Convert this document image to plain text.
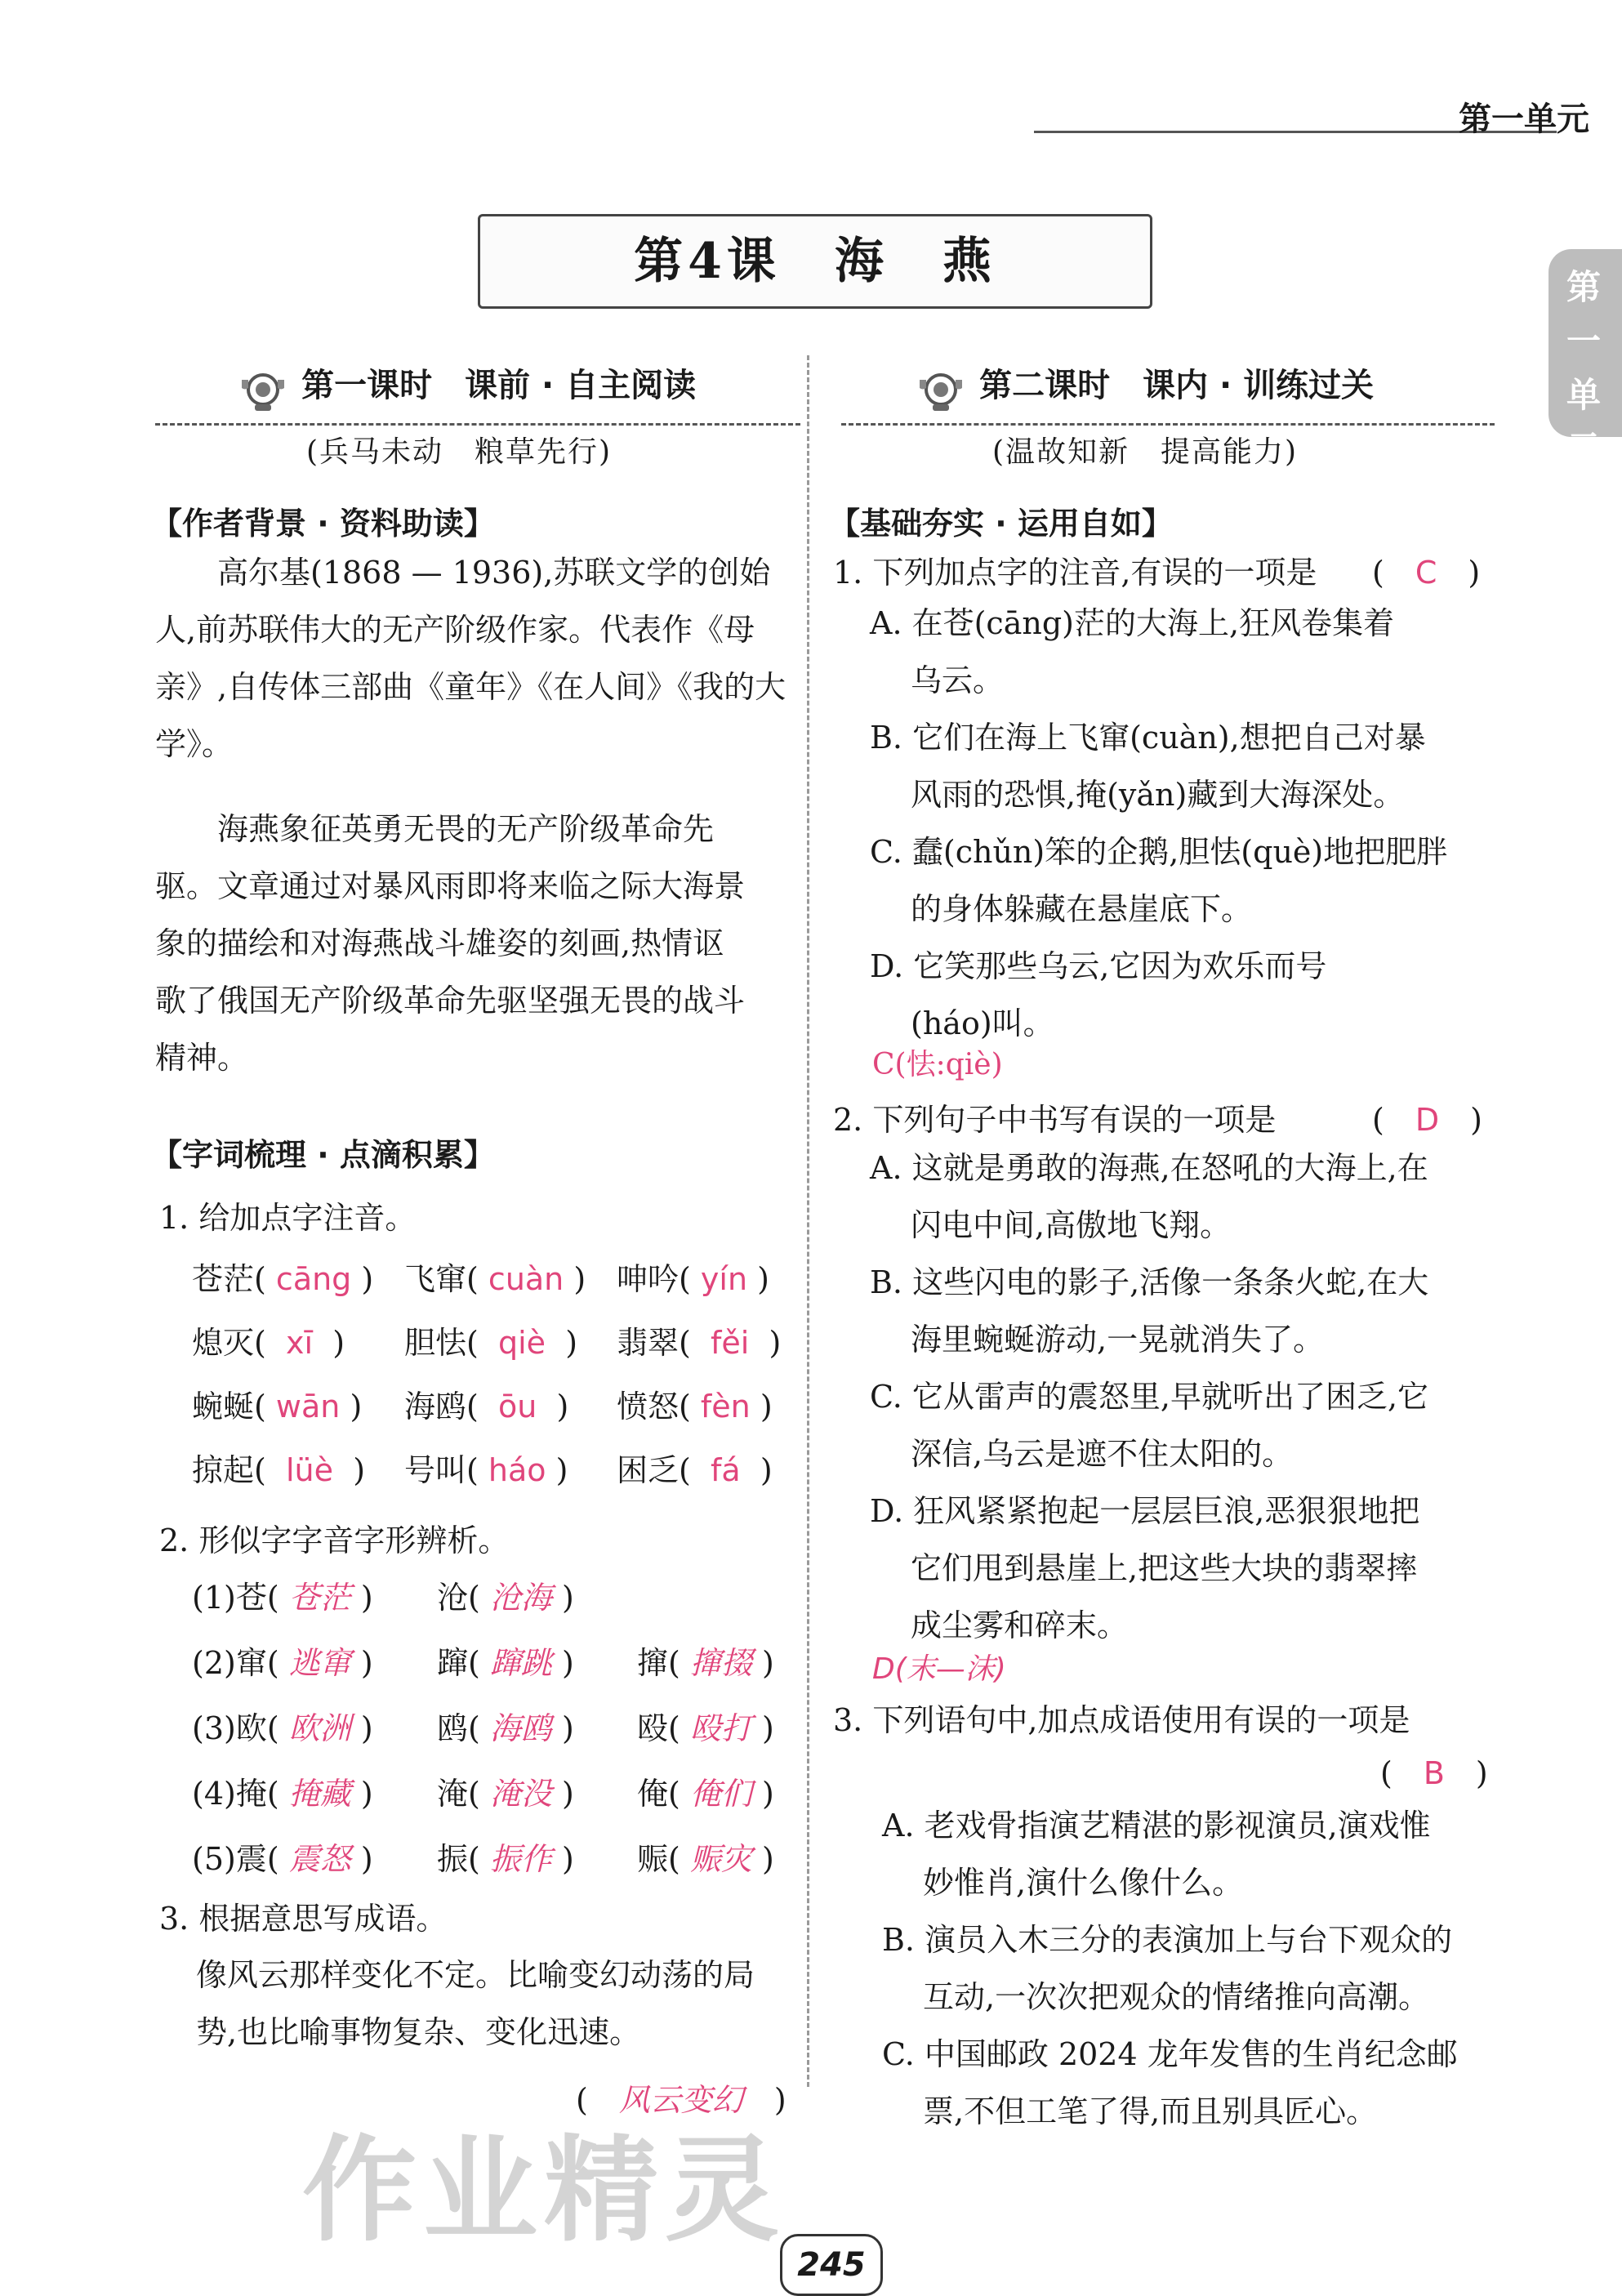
第一单元
第一单元
第4课　海　燕
第一课时　课前 · 自主阅读
(兵马未动　粮草先行)
【作者背景 · 资料助读】
高尔基(1868 — 1936),苏联文学的创始
人,前苏联伟大的无产阶级作家。代表作《母
亲》,自传体三部曲《童年》《在人间》《我的大
学》。
海燕象征英勇无畏的无产阶级革命先
驱。文章通过对暴风雨即将来临之际大海景
象的描绘和对海燕战斗雄姿的刻画,热情讴
歌了俄国无产阶级革命先驱坚强无畏的战斗
精神。
【字词梳理 · 点滴积累】
1. 给加点字注音。
苍茫( cāng ) 飞窜( cuàn ) 呻吟( yín )
熄灭(  xī  ) 胆怯(  qiè  ) 翡翠(  fěi  )
蜿蜒( wān ) 海鸥(  ōu  ) 愤怒( fèn )
掠起(  lüè  ) 号叫( háo ) 困乏(  fá  )
2. 形似字字音字形辨析。
(1)苍( 苍茫 ) 沧( 沧海 )
(2)窜( 逃窜 ) 蹿( 蹿跳 ) 撺( 撺掇 )
(3)欧( 欧洲 ) 鸥( 海鸥 ) 殴( 殴打 )
(4)掩( 掩藏 ) 淹( 淹没 ) 俺( 俺们 )
(5)震( 震怒 ) 振( 振作 ) 赈( 赈灾 )
3. 根据意思写成语。
像风云那样变化不定。比喻变幻动荡的局
势,也比喻事物复杂、变化迅速。
(　风云变幻　)
第二课时　课内 · 训练过关
(温故知新　提高能力)
【基础夯实 · 运用自如】
1. 下列加点字的注音,有误的一项是 (　C　)
A. 在苍(cāng)茫的大海上,狂风卷集着
乌云。
B. 它们在海上飞窜(cuàn),想把自己对暴
风雨的恐惧,掩(yǎn)藏到大海深处。
C. 蠢(chǔn)笨的企鹅,胆怯(què)地把肥胖
的身体躲藏在悬崖底下。
D. 它笑那些乌云,它因为欢乐而号
(háo)叫。
C(怯:qiè)
2. 下列句子中书写有误的一项是	(　D　)
A. 这就是勇敢的海燕,在怒吼的大海上,在
闪电中间,高傲地飞翔。
B. 这些闪电的影子,活像一条条火蛇,在大
海里蜿蜒游动,一晃就消失了。
C. 它从雷声的震怒里,早就听出了困乏,它
深信,乌云是遮不住太阳的。
D. 狂风紧紧抱起一层层巨浪,恶狠狠地把
它们甩到悬崖上,把这些大块的翡翠摔
成尘雾和碎末。
D(末—沫)
3. 下列语句中,加点成语使用有误的一项是
(　B　)
A. 老戏骨指演艺精湛的影视演员,演戏惟
妙惟肖,演什么像什么。
B. 演员入木三分的表演加上与台下观众的
互动,一次次把观众的情绪推向高潮。
C. 中国邮政 2024 龙年发售的生肖纪念邮
票,不但工笔了得,而且别具匠心。
作业精灵
245
